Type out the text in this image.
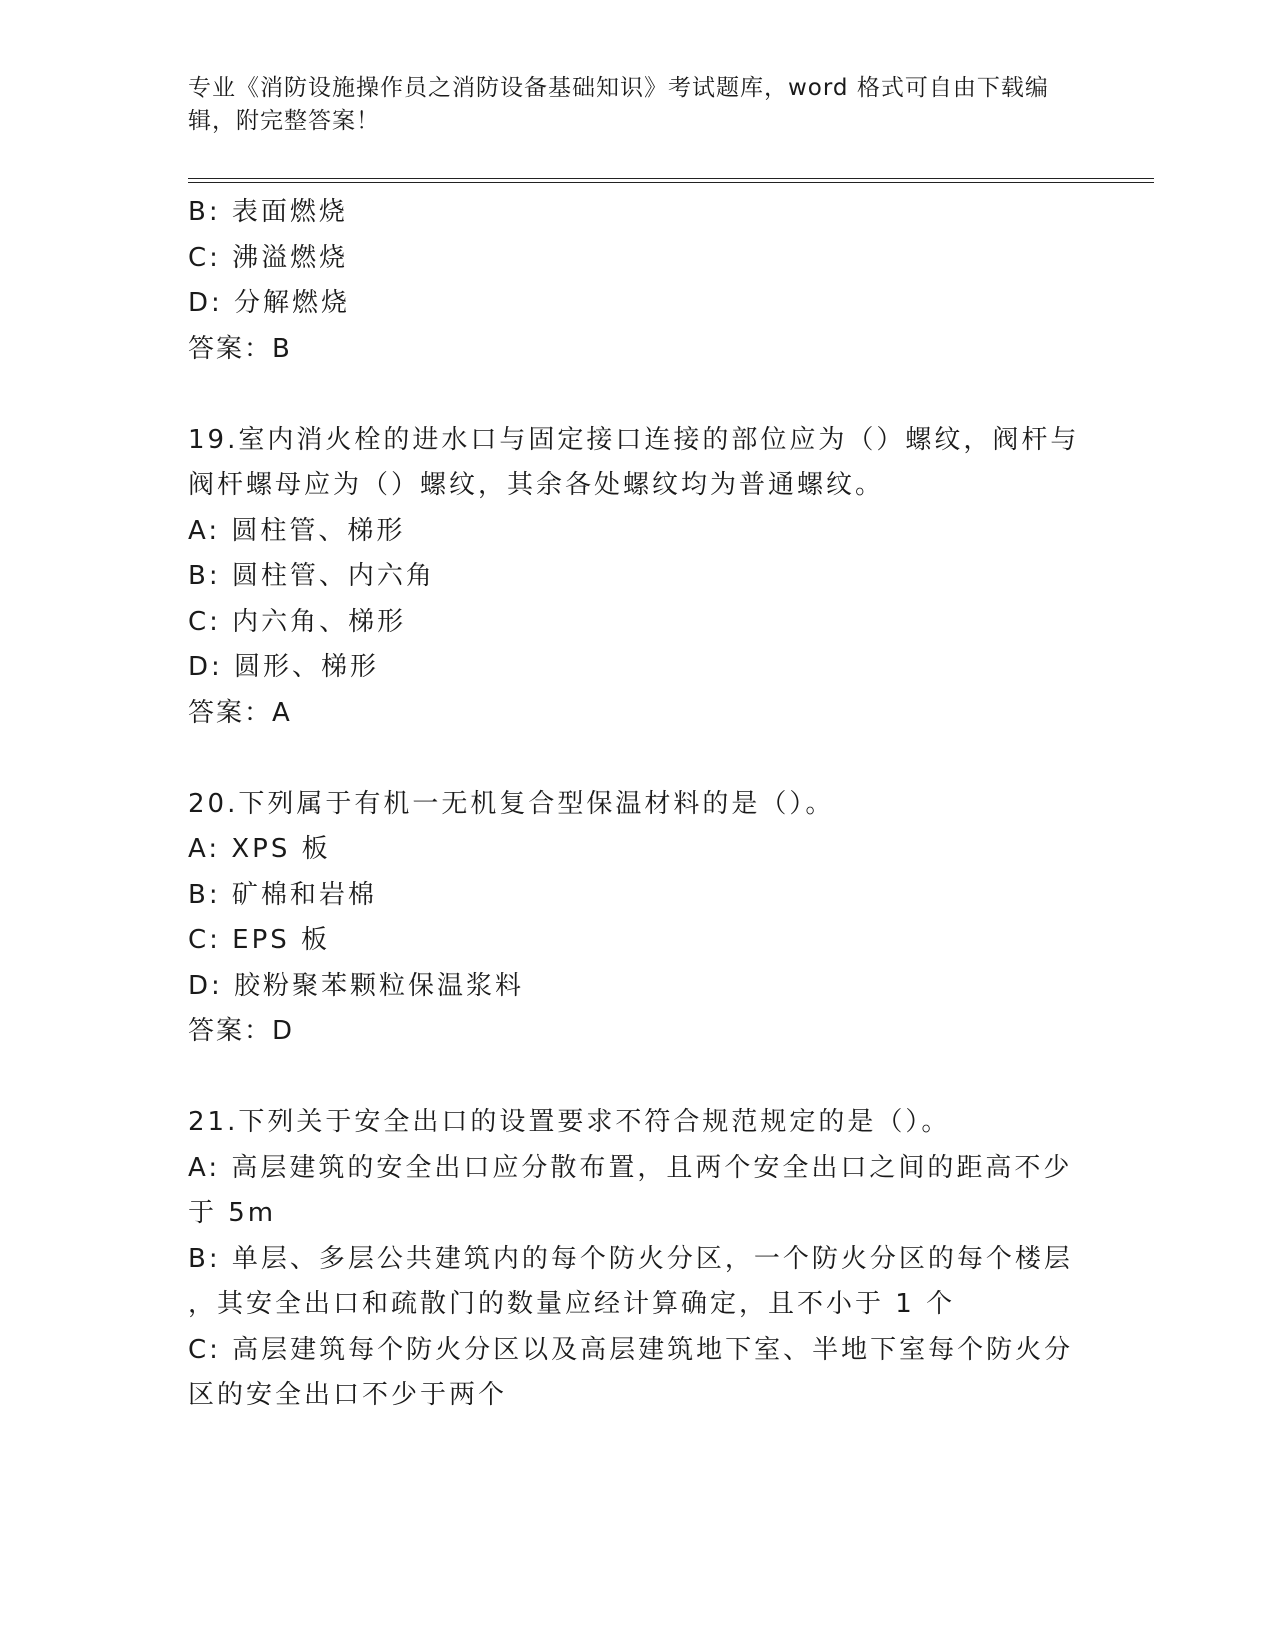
专业《消防设施操作员之消防设备基础知识》考试题库，word 格式可自由下载编
辑，附完整答案！
B: 表面燃烧
C: 沸溢燃烧
D: 分解燃烧
答案：B
19.室内消火栓的进水口与固定接口连接的部位应为（）螺纹，阀杆与
阀杆螺母应为（）螺纹，其余各处螺纹均为普通螺纹。
A: 圆柱管、梯形
B: 圆柱管、内六角
C: 内六角、梯形
D: 圆形、梯形
答案：A
20.下列属于有机一无机复合型保温材料的是（）。
A: XPS 板
B: 矿棉和岩棉
C: EPS 板
D: 胶粉聚苯颗粒保温浆料
答案：D
21.下列关于安全出口的设置要求不符合规范规定的是（）。
A: 高层建筑的安全出口应分散布置，且两个安全出口之间的距高不少
于 5m
B: 单层、多层公共建筑内的每个防火分区，一个防火分区的每个楼层
，其安全出口和疏散门的数量应经计算确定，且不小于 1 个
C: 高层建筑每个防火分区以及高层建筑地下室、半地下室每个防火分
区的安全出口不少于两个
